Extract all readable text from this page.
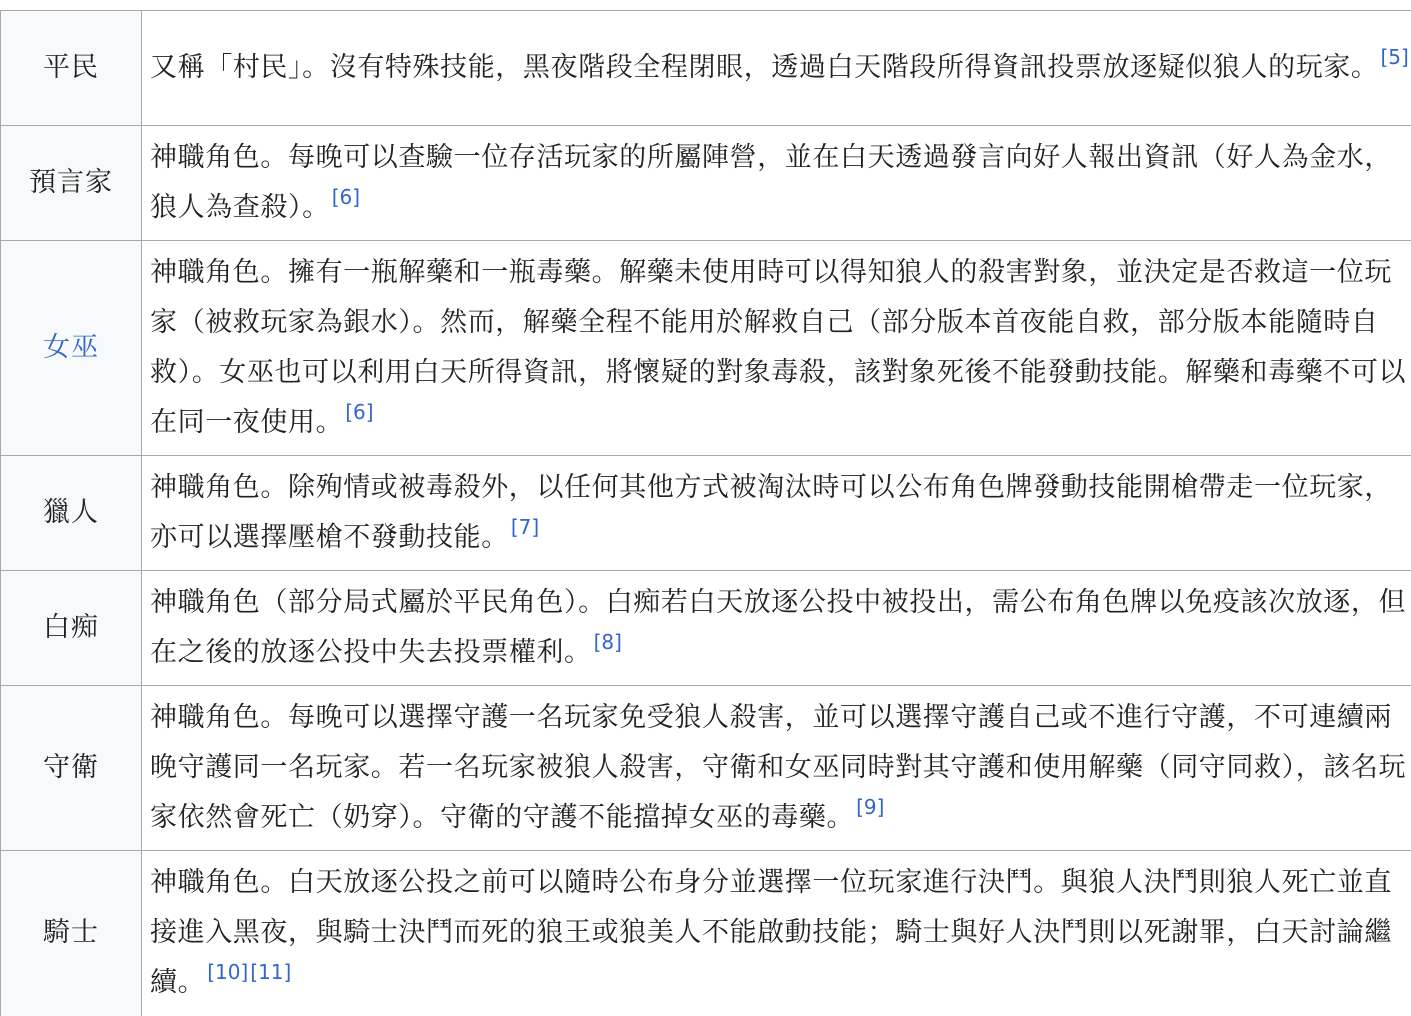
平民	又稱「村民」。沒有特殊技能，黑夜階段全程閉眼，透過白天階段所得資訊投票放逐疑似狼人的玩家。 [5]
預言家	神職角色。每晚可以查驗一位存活玩家的所屬陣營，並在白天透過發言向好人報出資訊（好人為金水，狼人為查殺）。 [6]
女巫	神職角色。擁有一瓶解藥和一瓶毒藥。解藥未使用時可以得知狼人的殺害對象，並決定是否救這一位玩家（被救玩家為銀水）。然而，解藥全程不能用於解救自己（部分版本首夜能自救，部分版本能隨時自救）。女巫也可以利用白天所得資訊，將懷疑的對象毒殺，該對象死後不能發動技能。解藥和毒藥不可以在同一夜使用。 [6]
獵人	神職角色。除殉情或被毒殺外，以任何其他方式被淘汰時可以公布角色牌發動技能開槍帶走一位玩家，亦可以選擇壓槍不發動技能。 [7]
白痴	神職角色（部分局式屬於平民角色）。白痴若白天放逐公投中被投出，需公布角色牌以免疫該次放逐，但在之後的放逐公投中失去投票權利。 [8]
守衛	神職角色。每晚可以選擇守護一名玩家免受狼人殺害，並可以選擇守護自己或不進行守護，不可連續兩晚守護同一名玩家。若一名玩家被狼人殺害，守衛和女巫同時對其守護和使用解藥（同守同救），該名玩家依然會死亡（奶穿）。守衛的守護不能擋掉女巫的毒藥。 [9]
騎士	神職角色。白天放逐公投之前可以隨時公布身分並選擇一位玩家進行決鬥。與狼人決鬥則狼人死亡並直接進入黑夜，與騎士決鬥而死的狼王或狼美人不能啟動技能；騎士與好人決鬥則以死謝罪，白天討論繼續。 [10] [11]
